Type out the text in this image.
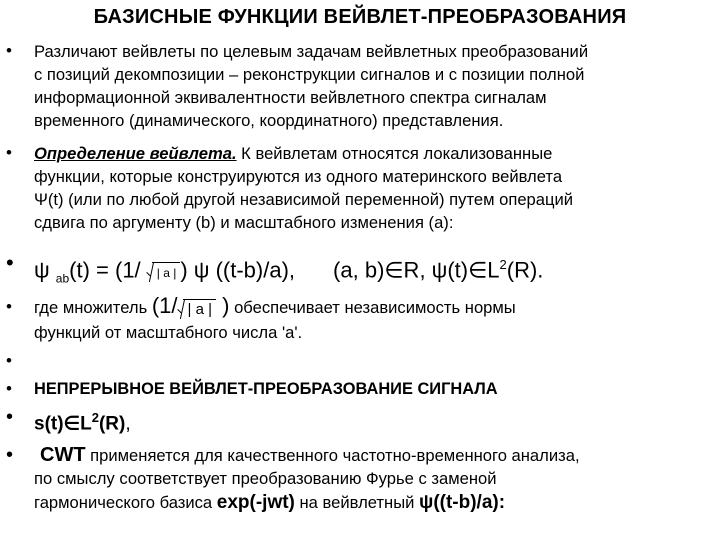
БАЗИСНЫЕ ФУНКЦИИ ВЕЙВЛЕТ-ПРЕОБРАЗОВАНИЯ
• Различают вейвлеты по целевым задачам вейвлетных преобразований
с позиций декомпозиции – реконструкции сигналов и с позиции полной
информационной эквивалентности вейвлетного спектра сигналам
временного (динамического, координатного) представления.
• Определение вейвлета. К вейвлетам относятся локализованные
функции, которые конструируются из одного материнского вейвлета
Ψ(t) (или по любой другой независимой переменной) путем операций
сдвига по аргументу (b) и масштабного изменения (а):
• ψ $_{ab}$(t) = (1/
| a | ) ψ ((t-b)/a), (a, b)∈R, $\psi(t)\in L^2(R)$.
• где множитель (1/ | a | ) обеспечивает независимость нормы
функций от масштабного числа 'а'.
•
• НЕПРЕРЫВНОЕ ВЕЙВЛЕТ-ПРЕОБРАЗОВАНИЕ СИГНАЛА
• $s(t)\in L^2(R)$,
• CWT применяется для качественного частотно-временного анализа,
по смыслу соответствует преобразованию Фурье с заменой
гармонического базиса exp(-jwt) на вейвлетный ψ((t-b)/a):
